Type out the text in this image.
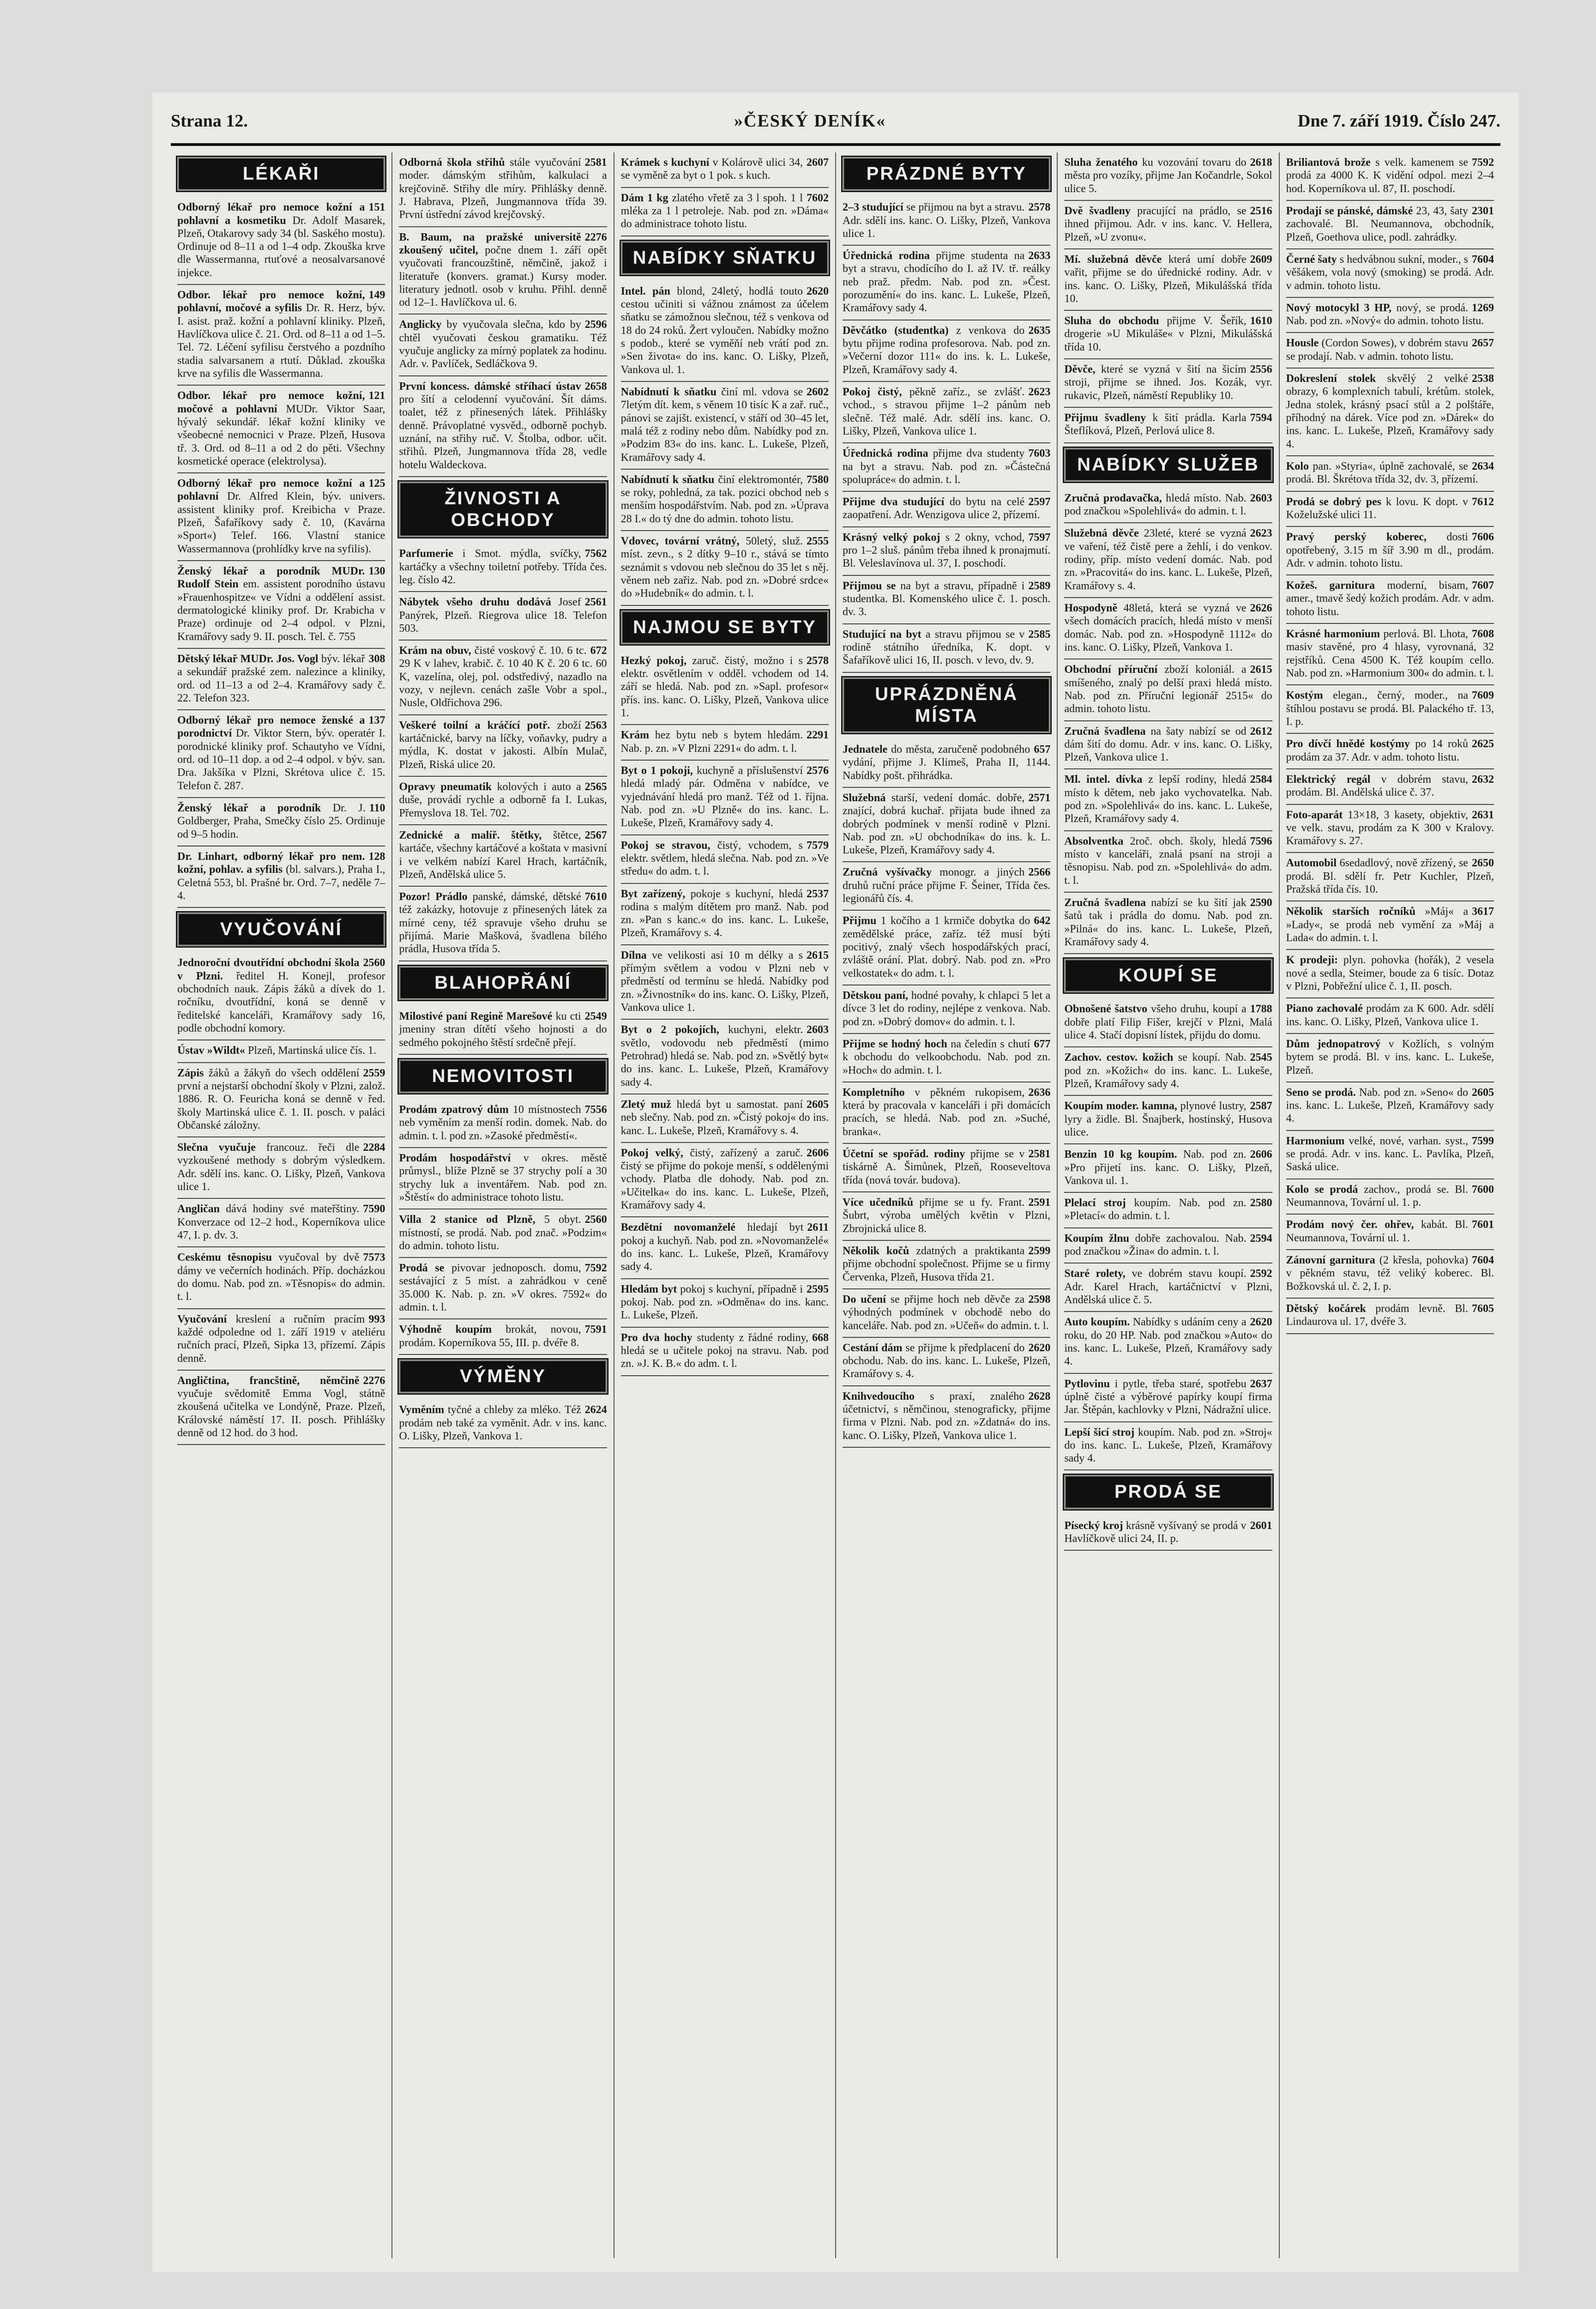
Strana 12.	»ČESKÝ DENÍK«	Dne 7. září 1919. Číslo 247.
LÉKAŘI
151
Odborný lékař pro nemoce kožní a pohlavní a kosmetiku Dr. Adolf Masarek, Plzeň, Otakarovy sady 34 (bl. Saského mostu). Ordinuje od 8–11 a od 1–4 odp. Zkouška krve dle Wassermanna, rtuťové a neosalvarsanové injekce.
149
Odbor. lékař pro nemoce kožní, pohlavní, močové a syfilis Dr. R. Herz, býv. I. asist. praž. kožní a pohlavní kliniky. Plzeň, Havlíčkova ulice č. 21. Ord. od 8–11 a od 1–5. Tel. 72. Léčení syfilisu čerstvého a pozdního stadia salvarsanem a rtutí. Důklad. zkouška krve na syfilis dle Wassermanna.
121
Odbor. lékař pro nemoce kožní, močové a pohlavní MUDr. Viktor Saar, hývalý sekundář. lékař kožní kliniky ve všeobecné nemocnici v Praze. Plzeň, Husova tř. 3. Ord. od 8–11 a od 2 do pěti. Všechny kosmetické operace (elektrolysa).
125
Odborný lékař pro nemoce kožní a pohlavní Dr. Alfred Klein, býv. univers. assistent kliniky prof. Kreibicha v Praze. Plzeň, Šafaříkovy sady č. 10, (Kavárna »Sport«) Telef. 166. Vlastní stanice Wassermannova (prohlídky krve na syfilis).
130
Ženský lékař a porodník MUDr. Rudolf Stein em. assistent porodního ústavu »Frauenhospitze« ve Vídni a oddělení assist. dermatologické kliniky prof. Dr. Krabicha v Praze) ordinuje od 2–4 odpol. v Plzni, Kramářovy sady 9. II. posch. Tel. č. 755
308
Dětský lékař MUDr. Jos. Vogl býv. lékař a sekundář pražské zem. nalezince a kliniky, ord. od 11–13 a od 2–4. Kramářovy sady č. 22. Telefon 323.
137
Odborný lékař pro nemoce ženské a porodnictví Dr. Viktor Stern, býv. operatér I. porodnické kliniky prof. Schautyho ve Vídni, ord. od 10–11 dop. a od 2–4 odpol. v býv. san. Dra. Jakšíka v Plzni, Skrétova ulice č. 15. Telefon č. 287.
110
Ženský lékař a porodník Dr. J. Goldberger, Praha, Smečky číslo 25. Ordinuje od 9–5 hodin.
128
Dr. Linhart, odborný lékař pro nem. kožní, pohlav. a syfilis (bl. salvars.), Praha I., Celetná 553, bl. Prašné br. Ord. 7–7, neděle 7–4.
VYUČOVÁNÍ
2560
Jednoroční dvoutřídní obchodní škola v Plzni. ředitel H. Konejl, profesor obchodních nauk. Zápis žáků a dívek do 1. ročníku, dvoutřídní, koná se denně v ředitelské kanceláři, Kramářovy sady 16, podle obchodní komory.
Ústav »Wildt« Plzeň, Martinská ulice čís. 1.
2559
Zápis žáků a žákyň do všech oddělení první a nejstarší obchodní školy v Plzni, založ. 1886. R. O. Feuricha koná se denně v řed. školy Martinská ulice č. 1. II. posch. v paláci Občanské záložny.
2284
Slečna vyučuje francouz. řeči dle vyzkoušené methody s dobrým výsledkem. Adr. sdělí ins. kanc. O. Lišky, Plzeň, Vankova ulice 1.
7590
Angličan dává hodiny své mateřštiny. Konverzace od 12–2 hod., Koperníkova ulice 47, I. p. dv. 3.
7573
Ceskému těsnopisu vyučoval by dvě dámy ve večerních hodinách. Příp. docházkou do domu. Nab. pod zn. »Těsnopis« do admin. t. l.
993
Vyučování kreslení a ručním pracím každé odpoledne od 1. září 1919 v ateliéru ručních prací, Plzeň, Sipka 13, přízemí. Zápis denně.
2276
Angličtina, francštině, němčině vyučuje svědomitě Emma Vogl, státně zkoušená učitelka ve Londýně, Praze. Plzeň, Královské náměstí 17. II. posch. Přihlášky denně od 12 hod. do 3 hod.
2581
Odborná škola střihů stále vyučování moder. dámským střihům, kalkulaci a krejčovině. Střihy dle míry. Přihlášky denně. J. Habrava, Plzeň, Jungmannova třída 39. První ústřední závod krejčovský.
2276
B. Baum, na pražské universitě zkoušený učitel, počne dnem 1. září opět vyučovati francouzštině, němčině, jakož i literatuře (konvers. gramat.) Kursy moder. literatury jednotl. osob v kruhu. Přihl. denně od 12–1. Havlíčkova ul. 6.
2596
Anglicky by vyučovala slečna, kdo by chtěl vyučovati českou gramatiku. Též vyučuje anglicky za mírný poplatek za hodinu. Adr. v. Pavlíček, Sedláčkova 9.
2658
První koncess. dámské stříhací ústav pro šítí a celodenní vyučování. Šít dáms. toalet, též z přinesených látek. Přihlášky denně. Právoplatné vysvěd., odborně pochyb. uznání, na střihy ruč. V. Štolba, odbor. učit. střihů. Plzeň, Jungmannova třída 28, vedle hotelu Waldeckova.
ŽIVNOSTI A OBCHODY
7562
Parfumerie i Smot. mýdla, svíčky, kartáčky a všechny toiletní potřeby. Třída čes. leg. číslo 42.
2561
Nábytek všeho druhu dodává Josef Panýrek, Plzeň. Riegrova ulice 18. Telefon 503.
672
Krám na obuv, čisté voskový č. 10. 6 tc. 29 K v lahev, krabič. č. 10 40 K č. 20 6 tc. 60 K, vazelína, olej, pol. odstředivý, nazadlo na vozy, v nejlevn. cenách zašle Vobr a spol., Nusle, Oldřichova 296.
2563
Veškeré toilní a kráčící potř. zboží kartáčnické, barvy na líčky, voňavky, pudry a mýdla, K. dostat v jakosti. Albín Mulač, Plzeň, Riská ulice 20.
2565
Opravy pneumatik kolových i auto a duše, provádí rychle a odborně fa I. Lukas, Přemyslova 18. Tel. 702.
2567
Zednické a malíř. štětky, štětce, kartáče, všechny kartáčové a koštata v masivní i ve velkém nabízí Karel Hrach, kartáčník, Plzeň, Andělská ulice 5.
7610
Pozor! Prádlo panské, dámské, dětské též zakázky, hotovuje z přinesených látek za mírné ceny, též spravuje všeho druhu se přijímá. Marie Mašková, švadlena bílého prádla, Husova třída 5.
BLAHOPŘÁNÍ
2549
Milostivé paní Regině Marešové ku cti jmeniny stran dítětí všeho hojnosti a do sedmého pokojného štěstí srdečně přejí.
NEMOVITOSTI
7556
Prodám zpatrový dům 10 místnostech neb vyměním za menší rodin. domek. Nab. do admin. t. l. pod zn. »Zasoké předměstí«.
Prodám hospodářství v okres. městě průmysl., blíže Plzně se 37 strychy polí a 30 strychy luk a inventářem. Nab. pod zn. »Štěstí« do administrace tohoto listu.
2560
Villa 2 stanice od Plzně, 5 obyt. místností, se prodá. Nab. pod znač. »Podzim« do admin. tohoto listu.
7592
Prodá se pivovar jednoposch. domu, sestávající z 5 míst. a zahrádkou v ceně 35.000 K. Nab. p. zn. »V okres. 7592« do admin. t. l.
7591
Výhodně koupím brokát, novou, prodám. Koperníkova 55, III. p. dvéře 8.
VÝMĚNY
2624
Vyměním tyčné a chleby za mléko. Též prodám neb také za vyměnit. Adr. v ins. kanc. O. Lišky, Plzeň, Vankova 1.
2607
Krámek s kuchyní v Kolárově ulici 34, se vyměně za byt o 1 pok. s kuch.
7602
Dám 1 kg zlatého vřetě za 3 l spoh. 1 l mléka za 1 l petroleje. Nab. pod zn. »Dáma« do administrace tohoto listu.
NABÍDKY SŇATKU
2620
Intel. pán blond, 24letý, hodlá touto cestou učiniti si vážnou známost za účelem sňatku se zámožnou slečnou, též s venkova od 18 do 24 roků. Žert vyloučen. Nabídky možno s podob., které se vyměňí neb vrátí pod zn. »Sen života« do ins. kanc. O. Lišky, Plzeň, Vankova ul. 1.
2602
Nabídnutí k sňatku činí ml. vdova se 7letým dít. kem, s věnem 10 tisíc K a zař. ruč., pánovi se zajišt. existencí, v stáří od 30–45 let, malá též z rodiny nebo dům. Nabídky pod zn. »Podzim 83« do ins. kanc. L. Lukeše, Plzeň, Kramářovy sady 4.
7580
Nabídnutí k sňatku činí elektromontér, se roky, pohledná, za tak. pozici obchod neb s menším hospodářstvím. Nab. pod zn. »Úprava 28 I.« do tý dne do admin. tohoto listu.
2555
Vdovec, tovární vrátný, 50letý, služ. míst. zevn., s 2 dítky 9–10 r., stává se tímto seznámit s vdovou neb slečnou do 35 let s něj. věnem neb zařiz. Nab. pod zn. »Dobré srdce« do »Hudebník« do admin. t. l.
NAJMOU SE BYTY
2578
Hezký pokoj, zaruč. čistý, možno i s elektr. osvětlením v odděl. vchodem od 14. září se hledá. Nab. pod zn. »Sapl. profesor« přís. ins. kanc. O. Lišky, Plzeň, Vankova ulice 1.
2291
Krám hez bytu neb s bytem hledám. Nab. p. zn. »V Plzni 2291« do adm. t. l.
2576
Byt o 1 pokoji, kuchyně a příslušenství hledá mladý pár. Odměna v nabídce, ve vyjednávání hledá pro manž. Též od 1. října. Nab. pod zn. »U Plzně« do ins. kanc. L. Lukeše, Plzeň, Kramářovy sady 4.
7579
Pokoj se stravou, čistý, vchodem, s elektr. světlem, hledá slečna. Nab. pod zn. »Ve středu« do adm. t. l.
2537
Byt zařízený, pokoje s kuchyní, hledá rodina s malým dítětem pro manž. Nab. pod zn. »Pan s kanc.« do ins. kanc. L. Lukeše, Plzeň, Kramářovy s. 4.
2615
Dílna ve velikosti asi 10 m délky a s přímým světlem a vodou v Plzni neb v předměstí od termínu se hledá. Nabídky pod zn. »Živnostník« do ins. kanc. O. Lišky, Plzeň, Vankova ulice 1.
2603
Byt o 2 pokojích, kuchyni, elektr. světlo, vodovodu neb předměstí (mimo Petrohrad) hledá se. Nab. pod zn. »Světlý byt« do ins. kanc. L. Lukeše, Plzeň, Kramářovy sady 4.
2605
Zletý muž hledá byt u samostat. paní neb slečny. Nab. pod zn. »Čistý pokoj« do ins. kanc. L. Lukeše, Plzeň, Kramářovy s. 4.
2606
Pokoj velký, čistý, zařízený a zaruč. čistý se přijme do pokoje menší, s oddělenými vchody. Platba dle dohody. Nab. pod zn. »Učitelka« do ins. kanc. L. Lukeše, Plzeň, Kramářovy sady 4.
2611
Bezdětní novomanželé hledají byt pokoj a kuchyň. Nab. pod zn. »Novomanželé« do ins. kanc. L. Lukeše, Plzeň, Kramářovy sady 4.
2595
Hledám byt pokoj s kuchyní, případně i pokoj. Nab. pod zn. »Odměna« do ins. kanc. L. Lukeše, Plzeň.
668
Pro dva hochy studenty z řádné rodiny, hledá se u učitele pokoj na stravu. Nab. pod zn. »J. K. B.« do adm. t. l.
PRÁZDNÉ BYTY
2578
2–3 studující se přijmou na byt a stravu. Adr. sdělí ins. kanc. O. Lišky, Plzeň, Vankova ulice 1.
2633
Úřednická rodina přijme studenta na byt a stravu, chodícího do I. až IV. tř. reálky neb praž. předm. Nab. pod zn. »Čest. porozumění« do ins. kanc. L. Lukeše, Plzeň, Kramářovy sady 4.
2635
Děvčátko (studentka) z venkova do bytu přijme rodina profesorova. Nab. pod zn. »Večerní dozor 111« do ins. k. L. Lukeše, Plzeň, Kramářovy sady 4.
2623
Pokoj čistý, pěkně zaříz., se zvlášť. vchod., s stravou přijme 1–2 pánům neb slečně. Též malé. Adr. sdělí ins. kanc. O. Lišky, Plzeň, Vankova ulice 1.
7603
Úřednická rodina přijme dva studenty na byt a stravu. Nab. pod zn. »Částečná spolupráce« do admin. t. l.
2597
Přijme dva studující do bytu na celé zaopatření. Adr. Wenzigova ulice 2, přízemí.
7597
Krásný velký pokoj s 2 okny, vchod, pro 1–2 sluš. pánům třeba ihned k pronajmutí. Bl. Veleslavínova ul. 37, I. poschodí.
2589
Přijmou se na byt a stravu, případně i studentka. Bl. Komenského ulice č. 1. posch. dv. 3.
2585
Studující na byt a stravu přijmou se v rodině státního úředníka, K. dopt. v Šafaříkově ulici 16, II. posch. v levo, dv. 9.
UPRÁZDNĚNÁ MÍSTA
657
Jednatele do města, zaručeně podobného vydání, přijme J. Klimeš, Praha II, 1144. Nabídky pošt. přihrádka.
2571
Služebná starší, vedení domác. dobře, znající, dobrá kuchař. přijata bude ihned za dobrých podmínek v menší rodině v Plzni. Nab. pod zn. »U obchodníka« do ins. k. L. Lukeše, Plzeň, Kramářovy sady 4.
2566
Zručná vyšívačky monogr. a jiných druhů ruční práce přijme F. Šeiner, Třída čes. legionářů čís. 4.
642
Přijmu 1 kočího a 1 krmiče dobytka do zemědělské práce, zaříz. též musí býti pocitivý, znalý všech hospodářských prací, zvláště orání. Plat. dobrý. Nab. pod zn. »Pro velkostatek« do adm. t. l.
Dětskou paní, hodné povahy, k chlapci 5 let a dívce 3 let do rodiny, nejlépe z venkova. Nab. pod zn. »Dobrý domov« do admin. t. l.
677
Přijme se hodný hoch na čeledín s chutí k obchodu do velkoobchodu. Nab. pod zn. »Hoch« do admin. t. l.
2636
Kompletního v pěkném rukopisem, která by pracovala v kanceláři i při domácích pracích, se hledá. Nab. pod zn. »Suché, branka«.
2581
Účetní se spořád. rodiny přijme se v tiskárně A. Šimůnek, Plzeň, Rooseveltova třída (nová továr. budova).
2591
Více učedníků přijme se u fy. Frant. Šubrt, výroba umělých květin v Plzni, Zbrojnická ulice 8.
2599
Několik kočů zdatných a praktikanta přijme obchodní společnost. Přijme se u firmy Červenka, Plzeň, Husova třída 21.
2598
Do učení se přijme hoch neb děvče za výhodných podmínek v obchodě nebo do kanceláře. Nab. pod zn. »Učeň« do admin. t. l.
2620
Cestání dám se přijme k předplacení do obchodu. Nab. do ins. kanc. L. Lukeše, Plzeň, Kramářovy s. 4.
2628
Knihvedoucího s praxí, znalého účetnictví, s němčinou, stenograficky, přijme firma v Plzni. Nab. pod zn. »Zdatná« do ins. kanc. O. Lišky, Plzeň, Vankova ulice 1.
2618
Sluha ženatého ku vozování tovaru do města pro vozíky, přijme Jan Kočandrle, Sokol ulice 5.
2516
Dvě švadleny pracující na prádlo, se ihned přijmou. Adr. v ins. kanc. V. Hellera, Plzeň, »U zvonu«.
2609
Mí. služebná děvče která umí dobře vařit, přijme se do úřednické rodiny. Adr. v ins. kanc. O. Lišky, Plzeň, Mikulášská třída 10.
1610
Sluha do obchodu přijme V. Šeřík, drogerie »U Mikuláše« v Plzni, Mikulášská třída 10.
2556
Děvče, které se vyzná v šití na šicím stroji, přijme se ihned. Jos. Kozák, vyr. rukavic, Plzeň, náměstí Republiky 10.
7594
Přijmu švadleny k šití prádla. Karla Šteflíková, Plzeň, Perlová ulice 8.
NABÍDKY SLUŽEB
2603
Zručná prodavačka, hledá místo. Nab. pod značkou »Spolehlivá« do admin. t. l.
2623
Služebná děvče 23leté, které se vyzná ve vaření, též čistě pere a žehlí, i do venkov. rodiny, příp. místo vedení domác. Nab. pod zn. »Pracovitá« do ins. kanc. L. Lukeše, Plzeň, Kramářovy s. 4.
2626
Hospodyně 48letá, která se vyzná ve všech domácích pracích, hledá místo v menší domác. Nab. pod zn. »Hospodyně 1112« do ins. kanc. O. Lišky, Plzeň, Vankova 1.
2615
Obchodní příruční zboží koloniál. a smíšeného, znalý po delší praxi hledá místo. Nab. pod zn. Příruční legionář 2515« do admin. tohoto listu.
2612
Zručná švadlena na šaty nabízí se od dám šití do domu. Adr. v ins. kanc. O. Lišky, Plzeň, Vankova ulice 1.
2584
Ml. intel. dívka z lepší rodiny, hledá místo k dětem, neb jako vychovatelka. Nab. pod zn. »Spolehlivá« do ins. kanc. L. Lukeše, Plzeň, Kramářovy sady 4.
7596
Absolventka 2roč. obch. školy, hledá místo v kanceláři, znalá psaní na stroji a těsnopisu. Nab. pod zn. »Spolehlivá« do adm. t. l.
2590
Zručná švadlena nabízí se ku šití jak šatů tak i prádla do domu. Nab. pod zn. »Pilná« do ins. kanc. L. Lukeše, Plzeň, Kramářovy sady 4.
KOUPÍ SE
1788
Obnošené šatstvo všeho druhu, koupí a dobře platí Filip Fišer, krejčí v Plzni, Malá ulice 4. Stačí dopisní lístek, přijdu do domu.
2545
Zachov. cestov. kožich se koupí. Nab. pod zn. »Kožich« do ins. kanc. L. Lukeše, Plzeň, Kramářovy sady 4.
2587
Koupím moder. kamna, plynové lustry, lyry a židle. Bl. Šnajberk, hostinský, Husova ulice.
2606
Benzin 10 kg koupím. Nab. pod zn. »Pro přijetí ins. kanc. O. Lišky, Plzeň, Vankova ul. 1.
2580
Plelací stroj koupím. Nab. pod zn. »Pletací« do admin. t. l.
2594
Koupím žlnu dobře zachovalou. Nab. pod značkou »Žina« do admin. t. l.
2592
Staré rolety, ve dobrém stavu koupí. Adr. Karel Hrach, kartáčnictví v Plzni, Andělská ulice č. 5.
2620
Auto koupím. Nabídky s udáním ceny a roku, do 20 HP. Nab. pod značkou »Auto« do ins. kanc. L. Lukeše, Plzeň, Kramářovy sady 4.
2637
Pytlovinu i pytle, třeba staré, spotřebu úplně čisté a výběrové papírky koupí firma Jar. Štěpán, kachlovky v Plzni, Nádražní ulice.
Lepší šicí stroj koupím. Nab. pod zn. »Stroj« do ins. kanc. L. Lukeše, Plzeň, Kramářovy sady 4.
PRODÁ SE
2601
Písecký kroj krásně vyšívaný se prodá v Havlíčkově ulici 24, II. p.
7592
Briliantová brože s velk. kamenem se prodá za 4000 K. K vidění odpol. mezi 2–4 hod. Koperníkova ul. 87, II. poschodí.
2301
Prodají se pánské, dámské 23, 43, šaty zachovalé. Bl. Neumannova, obchodník, Plzeň, Goethova ulice, podl. zahrádky.
7604
Černé šaty s hedvábnou sukní, moder., s věšákem, vola nový (smoking) se prodá. Adr. v admin. tohoto listu.
1269
Nový motocykl 3 HP, nový, se prodá. Nab. pod zn. »Nový« do admin. tohoto listu.
2657
Housle (Cordon Sowes), v dobrém stavu se prodají. Nab. v admin. tohoto listu.
2538
Dokreslení stolek skvělý 2 velké obrazy, 6 komplexních tabulí, krétům. stolek, Jedna stolek, krásný psací stůl a 2 polštáře, příhodný na dárek. Více pod zn. »Dárek« do ins. kanc. L. Lukeše, Plzeň, Kramářovy sady 4.
2634
Kolo pan. »Styria«, úplně zachovalé, se prodá. Bl. Škrétova třída 32, dv. 3, přízemí.
7612
Prodá se dobrý pes k lovu. K dopt. v Koželužské ulici 11.
7606
Pravý perský koberec, dosti opotřebený, 3.15 m šíř 3.90 m dl., prodám. Adr. v admin. tohoto listu.
7607
Kožeš. garnitura moderní, bisam, amer., tmavě šedý kožich prodám. Adr. v adm. tohoto listu.
7608
Krásné harmonium perlová. Bl. Lhota, masiv stavěné, pro 4 hlasy, vyrovnaná, 32 rejstříků. Cena 4500 K. Též koupím cello. Nab. pod zn. »Harmonium 300« do admin. t. l.
7609
Kostým elegan., černý, moder., na štíhlou postavu se prodá. Bl. Palackého tř. 13, I. p.
2625
Pro dívčí hnědé kostýmy po 14 roků prodám za 37. Adr. v adm. tohoto listu.
2632
Elektrický regál v dobrém stavu, prodám. Bl. Andělská ulice č. 37.
2631
Foto-aparát 13×18, 3 kasety, objektiv, ve velk. stavu, prodám za K 300 v Kralovy. Kramářovy s. 27.
2650
Automobil 6sedadlový, nově zřízený, se prodá. Bl. sdělí fr. Petr Kuchler, Plzeň, Pražská třída čís. 10.
3617
Několik starších ročníků »Máj« a »Lady«, se prodá neb vymění za »Máj a Lada« do admin. t. l.
K prodeji: plyn. pohovka (hořák), 2 vesela nové a sedla, Steimer, boude za 6 tisíc. Dotaz v Plzni, Pobřežní ulice č. 1, II. posch.
Piano zachovalé prodám za K 600. Adr. sdělí ins. kanc. O. Lišky, Plzeň, Vankova ulice 1.
Dům jednopatrový v Kožlích, s volným bytem se prodá. Bl. v ins. kanc. L. Lukeše, Plzeň.
2605
Seno se prodá. Nab. pod zn. »Seno« do ins. kanc. L. Lukeše, Plzeň, Kramářovy sady 4.
7599
Harmonium velké, nové, varhan. syst., se prodá. Adr. v ins. kanc. L. Pavlíka, Plzeň, Saská ulice.
7600
Kolo se prodá zachov., prodá se. Bl. Neumannova, Tovární ul. 1. p.
7601
Prodám nový čer. ohřev, kabát. Bl. Neumannova, Tovární ul. 1.
7604
Zánovní garnitura (2 křesla, pohovka) v pěkném stavu, též veliký koberec. Bl. Božkovská ul. č. 2, I. p.
7605
Dětský kočárek prodám levně. Bl. Lindaurova ul. 17, dvéře 3.
